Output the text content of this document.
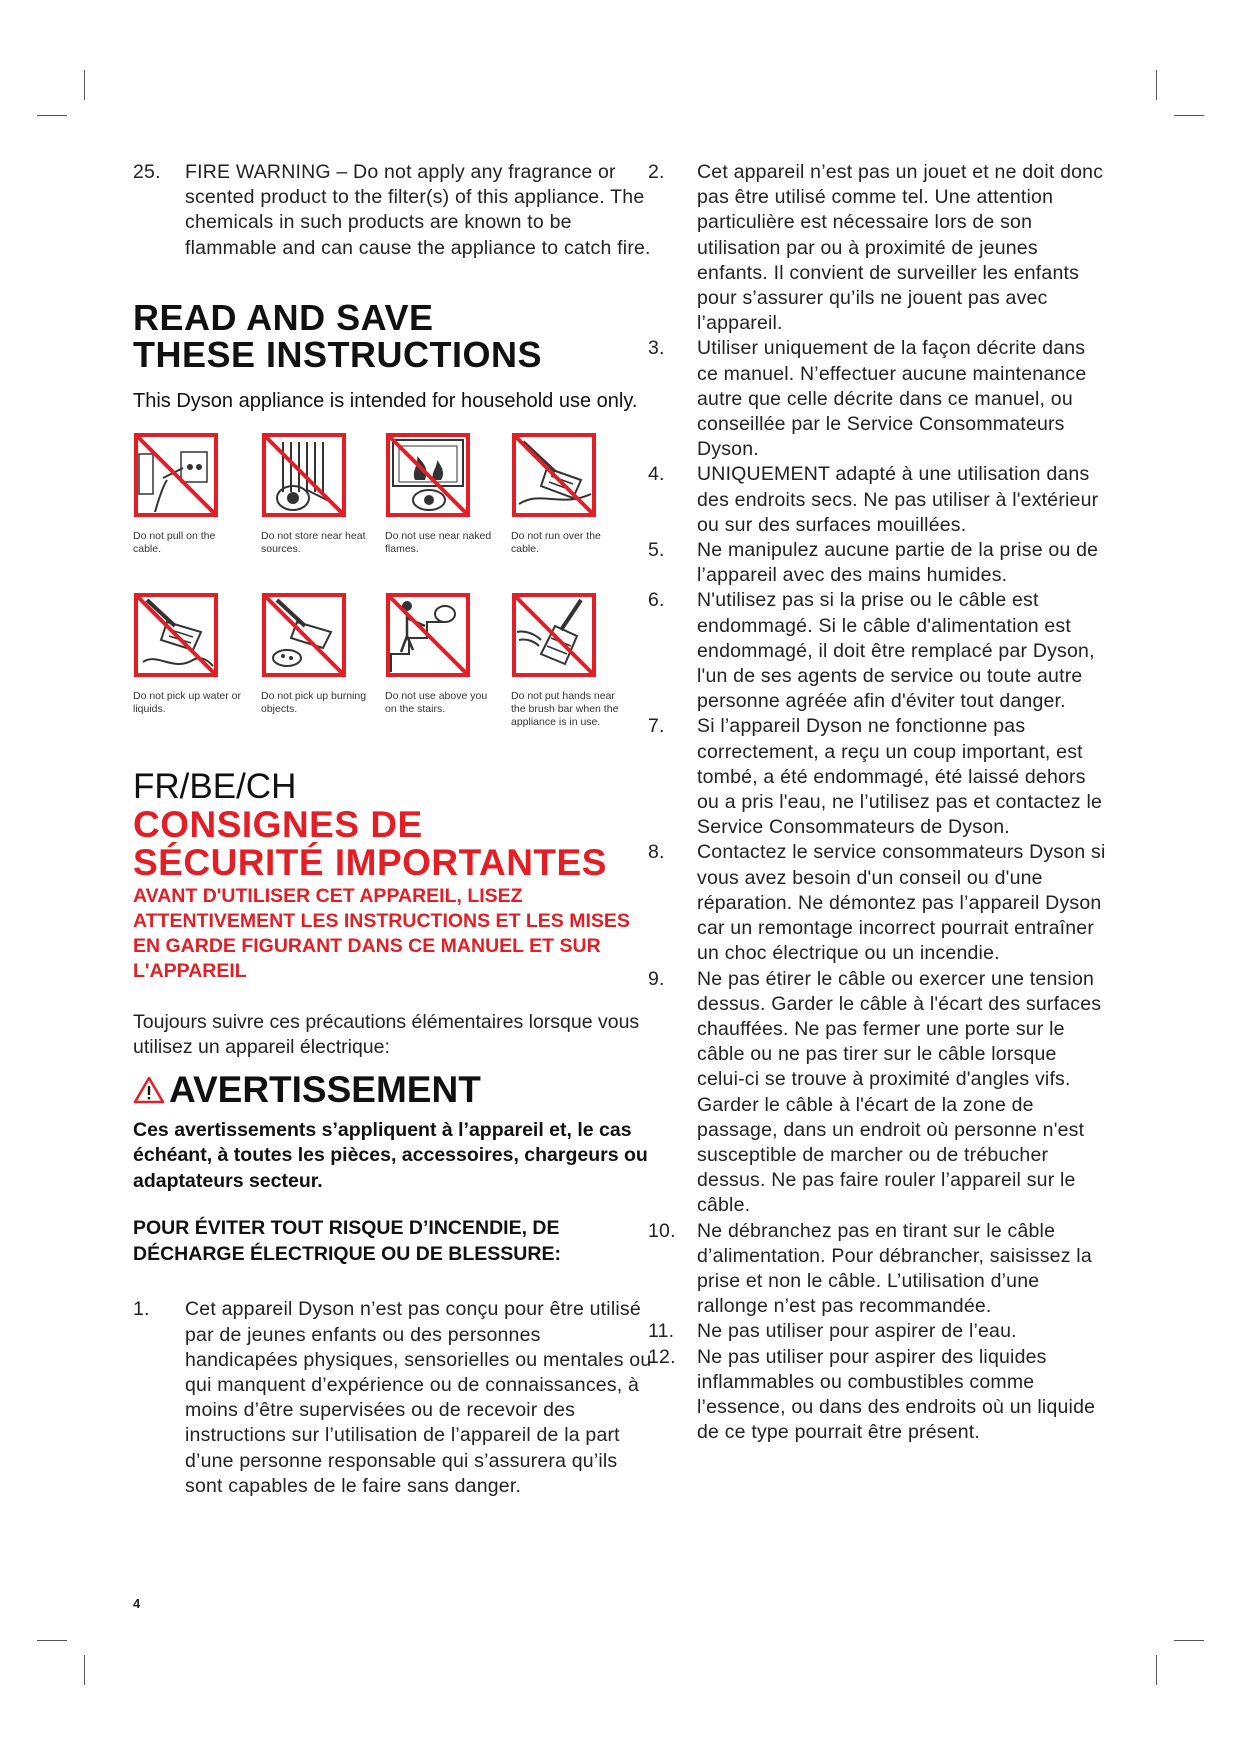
25. FIRE WARNING – Do not apply any fragrance or scented product to the filter(s) of this appliance. The chemicals in such products are known to be flammable and can cause the appliance to catch fire.
READ AND SAVE
THESE INSTRUCTIONS
This Dyson appliance is intended for household use only.
Do not pull on the cable.
Do not store near heat sources.
Do not use near naked flames.
Do not run over the cable.
Do not pick up water or liquids.
Do not pick up burning objects.
Do not use above you on the stairs.
Do not put hands near the brush bar when the appliance is in use.
FR/BE/CH
CONSIGNES DE
SÉCURITÉ IMPORTANTES
AVANT D'UTILISER CET APPAREIL, LISEZ ATTENTIVEMENT LES INSTRUCTIONS ET LES MISES EN GARDE FIGURANT DANS CE MANUEL ET SUR L'APPAREIL
Toujours suivre ces précautions élémentaires lorsque vous utilisez un appareil électrique:
AVERTISSEMENT
Ces avertissements s’appliquent à l’appareil et, le cas échéant, à toutes les pièces, accessoires, chargeurs ou adaptateurs secteur.
POUR ÉVITER TOUT RISQUE D’INCENDIE, DE DÉCHARGE ÉLECTRIQUE OU DE BLESSURE:
1. Cet appareil Dyson n’est pas conçu pour être utilisé par de jeunes enfants ou des personnes handicapées physiques, sensorielles ou mentales ou qui manquent d’expérience ou de connaissances, à moins d’être supervisées ou de recevoir des instructions sur l’utilisation de l’appareil de la part d’une personne responsable qui s’assurera qu’ils sont capables de le faire sans danger.
2. Cet appareil n’est pas un jouet et ne doit donc pas être utilisé comme tel. Une attention particulière est nécessaire lors de son utilisation par ou à proximité de jeunes enfants. Il convient de surveiller les enfants pour s’assurer qu’ils ne jouent pas avec l’appareil.
3. Utiliser uniquement de la façon décrite dans ce manuel. N’effectuer aucune maintenance autre que celle décrite dans ce manuel, ou conseillée par le Service Consommateurs Dyson.
4. UNIQUEMENT adapté à une utilisation dans des endroits secs. Ne pas utiliser à l'extérieur ou sur des surfaces mouillées.
5. Ne manipulez aucune partie de la prise ou de l’appareil avec des mains humides.
6. N'utilisez pas si la prise ou le câble est endommagé. Si le câble d'alimentation est endommagé, il doit être remplacé par Dyson, l'un de ses agents de service ou toute autre personne agréée afin d'éviter tout danger.
7. Si l’appareil Dyson ne fonctionne pas correctement, a reçu un coup important, est tombé, a été endommagé, été laissé dehors ou a pris l'eau, ne l’utilisez pas et contactez le Service Consommateurs de Dyson.
8. Contactez le service consommateurs Dyson si vous avez besoin d'un conseil ou d'une réparation. Ne démontez pas l’appareil Dyson car un remontage incorrect pourrait entraîner un choc électrique ou un incendie.
9. Ne pas étirer le câble ou exercer une tension dessus. Garder le câble à l'écart des surfaces chauffées. Ne pas fermer une porte sur le câble ou ne pas tirer sur le câble lorsque celui-ci se trouve à proximité d'angles vifs. Garder le câble à l'écart de la zone de passage, dans un endroit où personne n'est susceptible de marcher ou de trébucher dessus. Ne pas faire rouler l’appareil sur le câble.
10. Ne débranchez pas en tirant sur le câble d’alimentation. Pour débrancher, saisissez la prise et non le câble. L’utilisation d’une rallonge n’est pas recommandée.
11. Ne pas utiliser pour aspirer de l’eau.
12. Ne pas utiliser pour aspirer des liquides inflammables ou combustibles comme l’essence, ou dans des endroits où un liquide de ce type pourrait être présent.
4
